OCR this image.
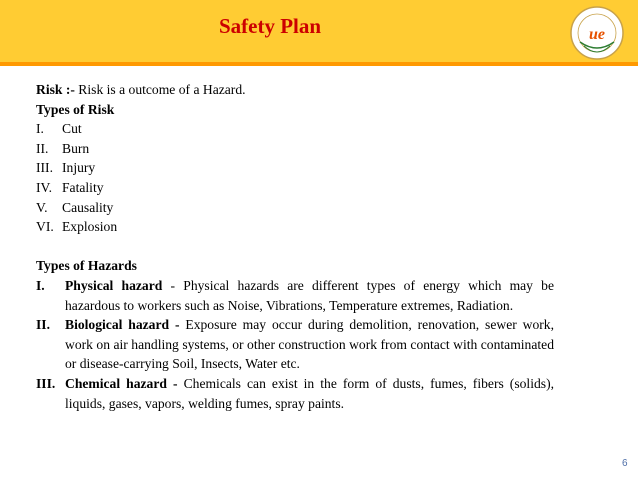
Safety Plan	ue

Risk :- Risk is a outcome of a Hazard.

Types of Risk

I.	Cut
II. Burn
III. Injury
IV. Fatality
V.	Causality
VI. Explosion

Types of Hazards

I.	Physical hazard - Physical hazards are different types of energy which may be hazardous to workers such as Noise, Vibrations, Temperature extremes, Radiation.
II.	Biological hazard - Exposure may occur during demolition, renovation, sewer work, work on air handling systems, or other construction work from contact with contaminated or disease-carrying Soil, Insects, Water etc.
III. Chemical hazard - Chemicals can exist in the form of dusts, fumes, fibers (solids), liquids, gases, vapors, welding fumes, spray paints.
6
